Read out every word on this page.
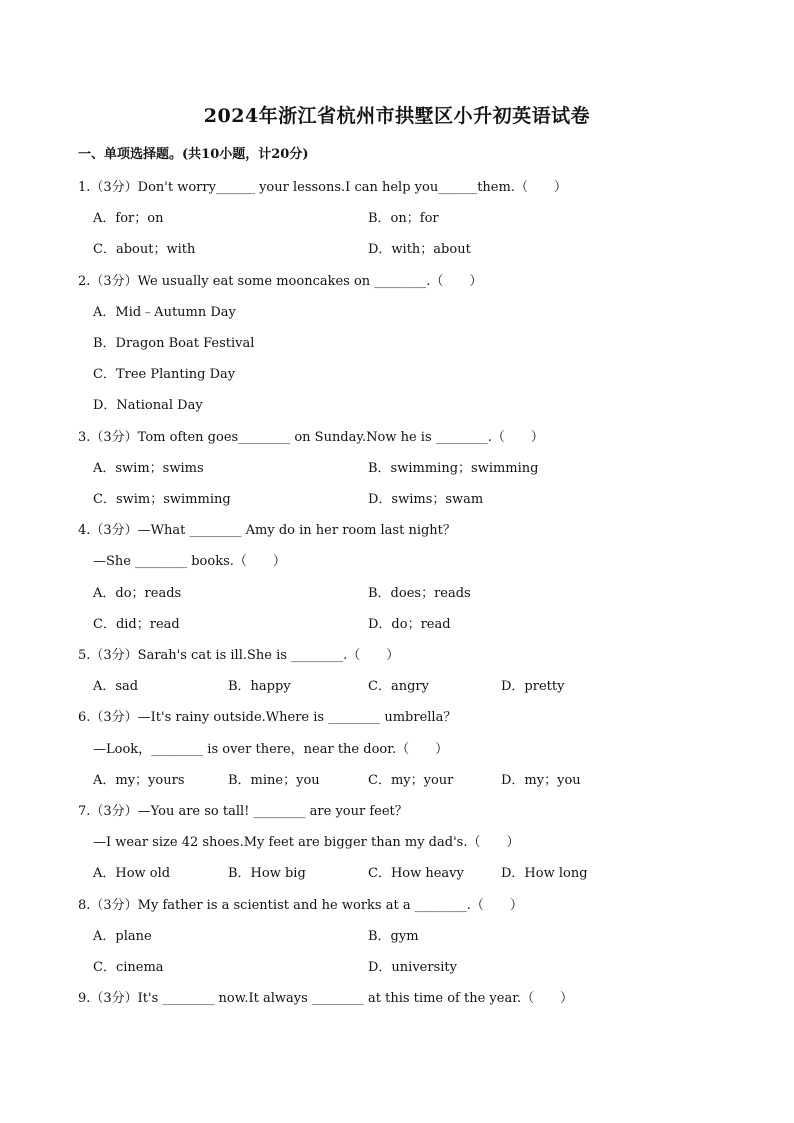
2024年浙江省杭州市拱墅区小升初英语试卷
一、单项选择题。(共10小题，计20分)
1.（3分）Don't worry______ your lessons.I can help you______them.（　　）
A．for；on	B．on；for
C．about；with	D．with；about
2.（3分）We usually eat some mooncakes on ________.（　　）
A．Mid﹣Autumn Day
B．Dragon Boat Festival
C．Tree Planting Day
D．National Day
3.（3分）Tom often goes________ on Sunday.Now he is ________.（　　）
A．swim；swims	B．swimming；swimming
C．swim；swimming	D．swims；swam
4.（3分）—What ________ Amy do in her room last night？
—She ________ books.（　　）
A．do；reads	B．does；reads
C．did；read	D．do；read
5.（3分）Sarah's cat is ill.She is ________.（　　）
A．sad	B．happy	C．angry	D．pretty
6.（3分）—It's rainy outside.Where is ________ umbrella？
—Look，________ is over there，near the door.（　　）
A．my；yours	B．mine；you	C．my；your	D．my；you
7.（3分）—You are so tall! ________ are your feet？
—I wear size 42 shoes.My feet are bigger than my dad's.（　　）
A．How old	B．How big	C．How heavy	D．How long
8.（3分）My father is a scientist and he works at a ________.（　　）
A．plane	B．gym
C．cinema	D．university
9.（3分）It's ________ now.It always ________ at this time of the year.（　　）
